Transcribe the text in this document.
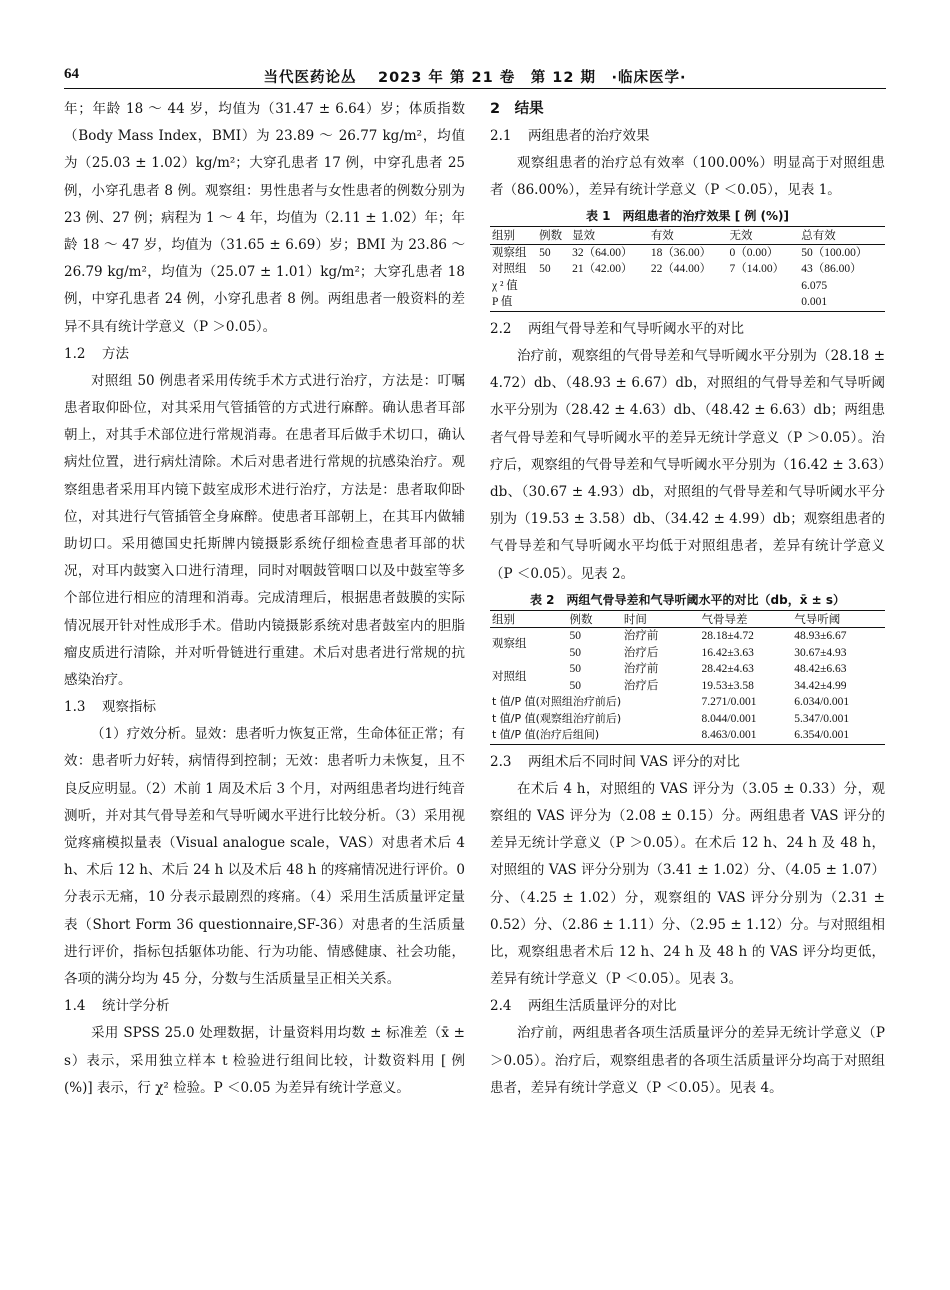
64	当代医药论丛　 2023 年 第 21 卷　第 12 期　·临床医学·

年；年龄 18 ～ 44 岁，均值为（31.47 ± 6.64）岁；体质指数（Body Mass Index，BMI）为 23.89 ～ 26.77 kg/m²，均值为（25.03 ± 1.02）kg/m²；大穿孔患者 17 例，中穿孔患者 25 例，小穿孔患者 8 例。观察组：男性患者与女性患者的例数分别为 23 例、27 例；病程为 1 ～ 4 年，均值为（2.11 ± 1.02）年；年龄 18 ～ 47 岁，均值为（31.65 ± 6.69）岁；BMI 为 23.86 ～ 26.79 kg/m²，均值为（25.07 ± 1.01）kg/m²；大穿孔患者 18 例，中穿孔患者 24 例，小穿孔患者 8 例。两组患者一般资料的差异不具有统计学意义（P ＞0.05）。

1.2 方法

对照组 50 例患者采用传统手术方式进行治疗，方法是：叮嘱患者取仰卧位，对其采用气管插管的方式进行麻醉。确认患者耳部朝上，对其手术部位进行常规消毒。在患者耳后做手术切口，确认病灶位置，进行病灶清除。术后对患者进行常规的抗感染治疗。观察组患者采用耳内镜下鼓室成形术进行治疗，方法是：患者取仰卧位，对其进行气管插管全身麻醉。使患者耳部朝上，在其耳内做辅助切口。采用德国史托斯牌内镜摄影系统仔细检查患者耳部的状况，对耳内鼓窦入口进行清理，同时对咽鼓管咽口以及中鼓室等多个部位进行相应的清理和消毒。完成清理后，根据患者鼓膜的实际情况展开针对性成形手术。借助内镜摄影系统对患者鼓室内的胆脂瘤皮质进行清除，并对听骨链进行重建。术后对患者进行常规的抗感染治疗。

1.3 观察指标

（1）疗效分析。显效：患者听力恢复正常，生命体征正常；有效：患者听力好转，病情得到控制；无效：患者听力未恢复，且不良反应明显。（2）术前 1 周及术后 3 个月，对两组患者均进行纯音测听，并对其气骨导差和气导听阈水平进行比较分析。（3）采用视觉疼痛模拟量表（Visual analogue scale，VAS）对患者术后 4 h、术后 12 h、术后 24 h 以及术后 48 h 的疼痛情况进行评价。0 分表示无痛，10 分表示最剧烈的疼痛。（4）采用生活质量评定量表（Short Form 36 questionnaire,SF-36）对患者的生活质量进行评价，指标包括躯体功能、行为功能、情感健康、社会功能，各项的满分均为 45 分，分数与生活质量呈正相关关系。

1.4 统计学分析

采用 SPSS 25.0 处理数据，计量资料用均数 ± 标准差（x̄ ± s）表示，采用独立样本 t 检验进行组间比较，计数资料用 [ 例 (%)] 表示，行 χ² 检验。P ＜0.05 为差异有统计学意义。

2　结果
2.1 两组患者的治疗效果

观察组患者的治疗总有效率（100.00%）明显高于对照组患者（86.00%），差异有统计学意义（P ＜0.05），见表 1。

表 1　两组患者的治疗效果 [ 例 (%)]
组别	例数	显效	有效	无效	总有效
观察组	50	32（64.00）	18（36.00）	0（0.00）	50（100.00）
对照组	50	21（42.00）	22（44.00）	7（14.00）	43（86.00）
χ ² 值					6.075
P 值					0.001
2.2 两组气骨导差和气导听阈水平的对比

治疗前，观察组的气骨导差和气导听阈水平分别为（28.18 ± 4.72）db、（48.93 ± 6.67）db，对照组的气骨导差和气导听阈水平分别为（28.42 ± 4.63）db、（48.42 ± 6.63）db；两组患者气骨导差和气导听阈水平的差异无统计学意义（P ＞0.05）。治疗后，观察组的气骨导差和气导听阈水平分别为（16.42 ± 3.63）db、（30.67 ± 4.93）db，对照组的气骨导差和气导听阈水平分别为（19.53 ± 3.58）db、（34.42 ± 4.99）db；观察组患者的气骨导差和气导听阈水平均低于对照组患者，差异有统计学意义（P ＜0.05）。见表 2。

表 2　两组气骨导差和气导听阈水平的对比（db，x̄ ± s）
组别	例数	时间	气骨导差	气导听阈
观察组	50	治疗前	28.18±4.72	48.93±6.67
	50	治疗后	16.42±3.63	30.67±4.93
对照组	50	治疗前	28.42±4.63	48.42±6.63
	50	治疗后	19.53±3.58	34.42±4.99
t 值/P 值(对照组治疗前后)			7.271/0.001	6.034/0.001
t 值/P 值(观察组治疗前后)			8.044/0.001	5.347/0.001
t 值/P 值(治疗后组间)			8.463/0.001	6.354/0.001
2.3 两组术后不同时间 VAS 评分的对比

在术后 4 h，对照组的 VAS 评分为（3.05 ± 0.33）分，观察组的 VAS 评分为（2.08 ± 0.15）分。两组患者 VAS 评分的差异无统计学意义（P ＞0.05）。在术后 12 h、24 h 及 48 h，对照组的 VAS 评分分别为（3.41 ± 1.02）分、（4.05 ± 1.07）分、（4.25 ± 1.02）分，观察组的 VAS 评分分别为（2.31 ± 0.52）分、（2.86 ± 1.11）分、（2.95 ± 1.12）分。与对照组相比，观察组患者术后 12 h、24 h 及 48 h 的 VAS 评分均更低，差异有统计学意义（P ＜0.05）。见表 3。

2.4 两组生活质量评分的对比

治疗前，两组患者各项生活质量评分的差异无统计学意义（P ＞0.05）。治疗后，观察组患者的各项生活质量评分均高于对照组患者，差异有统计学意义（P ＜0.05）。见表 4。
